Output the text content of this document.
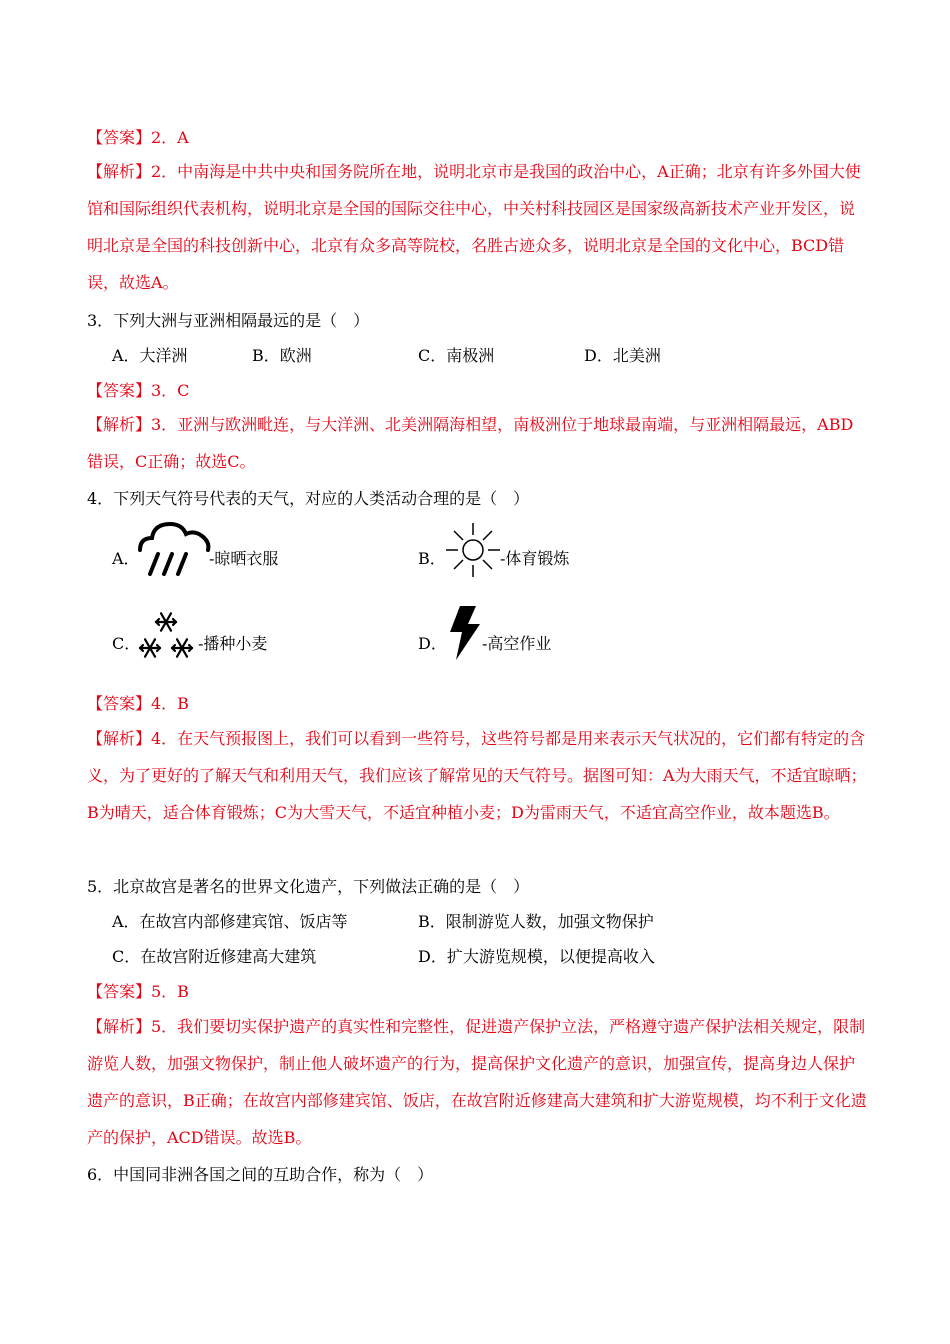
【答案】2．A
【解析】2．中南海是中共中央和国务院所在地，说明北京市是我国的政治中心，A正确；北京有许多外国大使馆和国际组织代表机构，说明北京是全国的国际交往中心，中关村科技园区是国家级高新技术产业开发区，说明北京是全国的科技创新中心，北京有众多高等院校，名胜古迹众多，说明北京是全国的文化中心，BCD错误，故选A。
3．下列大洲与亚洲相隔最远的是（　）
A．大洋洲	B．欧洲	C．南极洲	D．北美洲
【答案】3．C
【解析】3．亚洲与欧洲毗连，与大洋洲、北美洲隔海相望，南极洲位于地球最南端，与亚洲相隔最远，ABD错误，C正确；故选C。
4．下列天气符号代表的天气，对应的人类活动合理的是（　）
A．	-晾晒衣服	B．	-体育锻炼
C．	-播种小麦	D． -高空作业
【答案】4．B
【解析】4．在天气预报图上，我们可以看到一些符号，这些符号都是用来表示天气状况的，它们都有特定的含义，为了更好的了解天气和利用天气，我们应该了解常见的天气符号。据图可知：A为大雨天气，不适宜晾晒；B为晴天，适合体育锻炼；C为大雪天气，不适宜种植小麦；D为雷雨天气，不适宜高空作业，故本题选B。
5．北京故宫是著名的世界文化遗产，下列做法正确的是（　）
A．在故宫内部修建宾馆、饭店等	B．限制游览人数，加强文物保护
C．在故宫附近修建高大建筑	D．扩大游览规模，以便提高收入
【答案】5．B
【解析】5．我们要切实保护遗产的真实性和完整性，促进遗产保护立法，严格遵守遗产保护法相关规定，限制游览人数，加强文物保护，制止他人破坏遗产的行为，提高保护文化遗产的意识，加强宣传，提高身边人保护遗产的意识，B正确；在故宫内部修建宾馆、饭店，在故宫附近修建高大建筑和扩大游览规模，均不利于文化遗产的保护，ACD错误。故选B。
6．中国同非洲各国之间的互助合作，称为（　）
